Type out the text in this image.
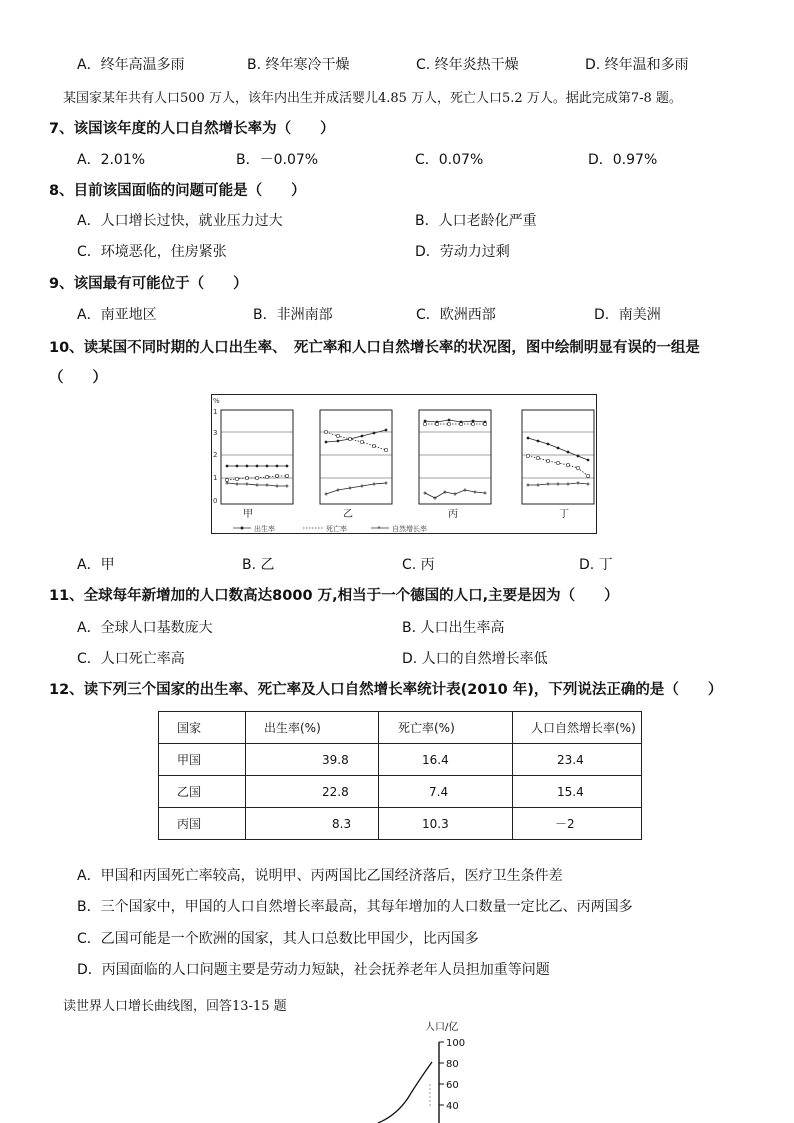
A．终年高温多雨	B. 终年寒冷干燥	C. 终年炎热干燥	D. 终年温和多雨
某国家某年共有人口500 万人，该年内出生并成活婴儿4.85 万人，死亡人口5.2 万人。据此完成第7-8 题。
7、该国该年度的人口自然增长率为（　　）
A．2.01%	B．－0.07%	C．0.07%	D．0.97%
8、目前该国面临的问题可能是（　　）
A．人口增长过快，就业压力过大	B．人口老龄化严重
C．环境恶化，住房紧张	D．劳动力过剩
9、该国最有可能位于（　　）
A．南亚地区	B．非洲南部	C．欧洲西部	D．南美洲
10、读某国不同时期的人口出生率、　死亡率和人口自然增长率的状况图，图中绘制明显有误的一组是
（　　）
%
1
3
2
1
0
甲	乙	丙	丁
出生率	死亡率	* 自然增长率
A．甲	B. 乙	C. 丙	D. 丁
11、全球每年新增加的人口数高达8000 万,相当于一个德国的人口,主要是因为（　　）
A．全球人口基数庞大	B. 人口出生率高
C．人口死亡率高	D. 人口的自然增长率低
12、读下列三个国家的出生率、死亡率及人口自然增长率统计表(2010 年)，下列说法正确的是（　　）
国家	出生率(%)	死亡率(%)	人口自然增长率(%)
甲国	39.8	16.4	23.4
乙国	22.8	7.4	15.4
丙国	8.3	10.3	－2
A．甲国和丙国死亡率较高，说明甲、丙两国比乙国经济落后，医疗卫生条件差
B．三个国家中，甲国的人口自然增长率最高，其每年增加的人口数量一定比乙、丙两国多
C．乙国可能是一个欧洲的国家，其人口总数比甲国少，比丙国多
D．丙国面临的人口问题主要是劳动力短缺，社会抚养老年人员担加重等问题
读世界人口增长曲线图，回答13-15 题
人口/亿
100
80
60
40
